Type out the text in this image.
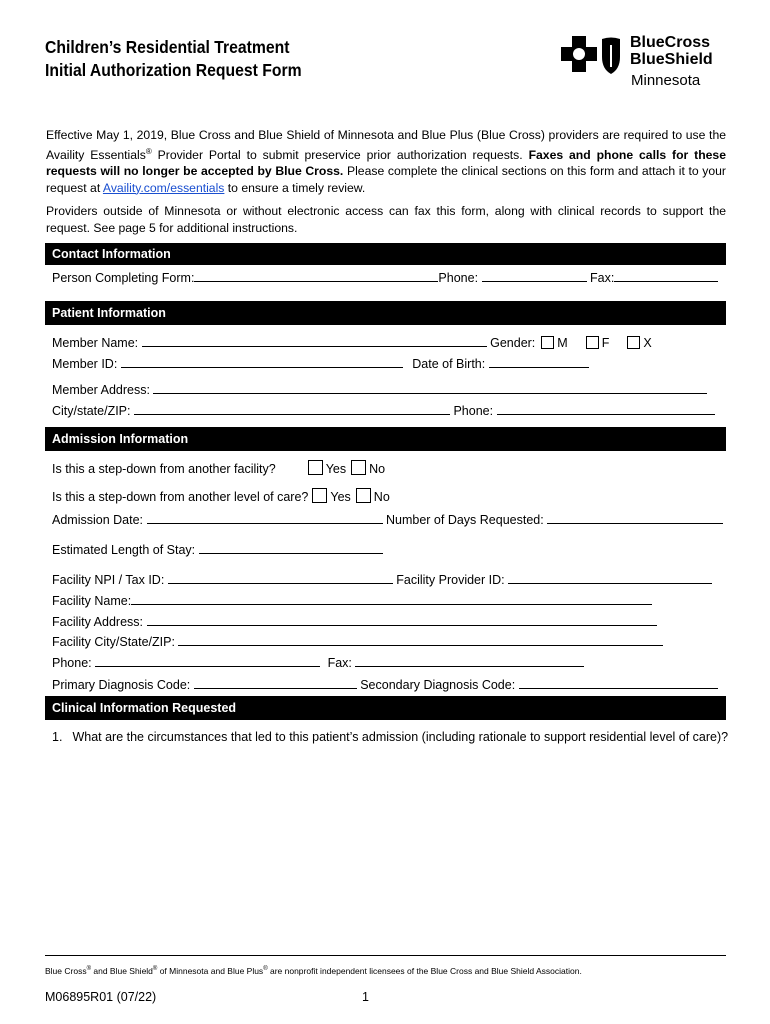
Children’s Residential Treatment
Initial Authorization Request Form
BlueCross
BlueShield
Minnesota
Effective May 1, 2019, Blue Cross and Blue Shield of Minnesota and Blue Plus (Blue Cross) providers are required to use the Availity Essentials® Provider Portal to submit preservice prior authorization requests. Faxes and phone calls for these requests will no longer be accepted by Blue Cross. Please complete the clinical sections on this form and attach it to your request at Availity.com/essentials to ensure a timely review.
Providers outside of Minnesota or without electronic access can fax this form, along with clinical records to support the request. See page 5 for additional instructions.
Contact Information
Person Completing Form:	Phone:	Fax:
Patient Information
Member Name:	Gender: M	F	X
Member ID:	Date of Birth:
Member Address:
City/state/ZIP:	Phone:
Admission Information
Is this a step-down from another facility?	Yes No
Is this a step-down from another level of care? Yes No
Admission Date:	Number of Days Requested:
Estimated Length of Stay:
Facility NPI / Tax ID:	Facility Provider ID:
Facility Name:
Facility Address:
Facility City/State/ZIP:
Phone:	Fax:
Primary Diagnosis Code:	Secondary Diagnosis Code:
Clinical Information Requested
1. What are the circumstances that led to this patient’s admission (including rationale to support residential level of care)?
Blue Cross® and Blue Shield® of Minnesota and Blue Plus® are nonprofit independent licensees of the Blue Cross and Blue Shield Association.
M06895R01 (07/22)	1
